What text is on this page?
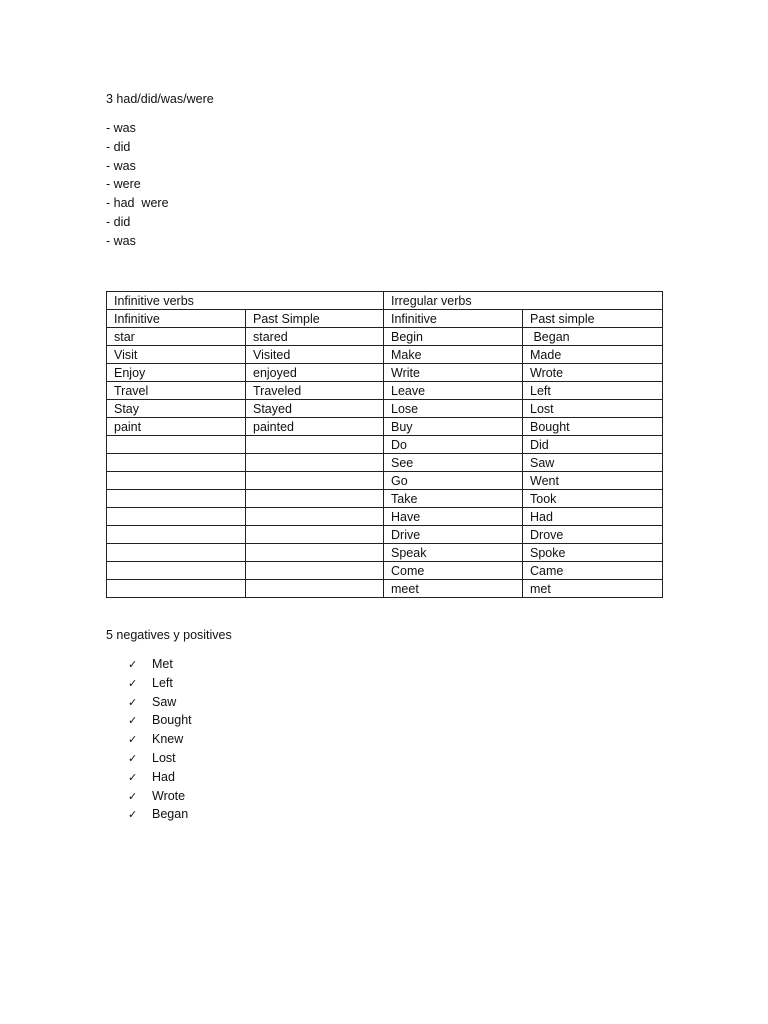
3 had/did/was/were
- was
- did
- was
- were
- had  were
- did
- was
Infinitive verbs		Irregular verbs	
Infinitive	Past Simple	Infinitive	Past simple
star	stared	Begin	Began
Visit	Visited	Make	Made
Enjoy	enjoyed	Write	Wrote
Travel	Traveled	Leave	Left
Stay	Stayed	Lose	Lost
paint	painted	Buy	Bought
		Do	Did
		See	Saw
		Go	Went
		Take	Took
		Have	Had
		Drive	Drove
		Speak	Spoke
		Come	Came
		meet	met
5 negatives y positives
✓ Met
✓ Left
✓ Saw
✓ Bought
✓ Knew
✓ Lost
✓ Had
✓ Wrote
✓ Began
